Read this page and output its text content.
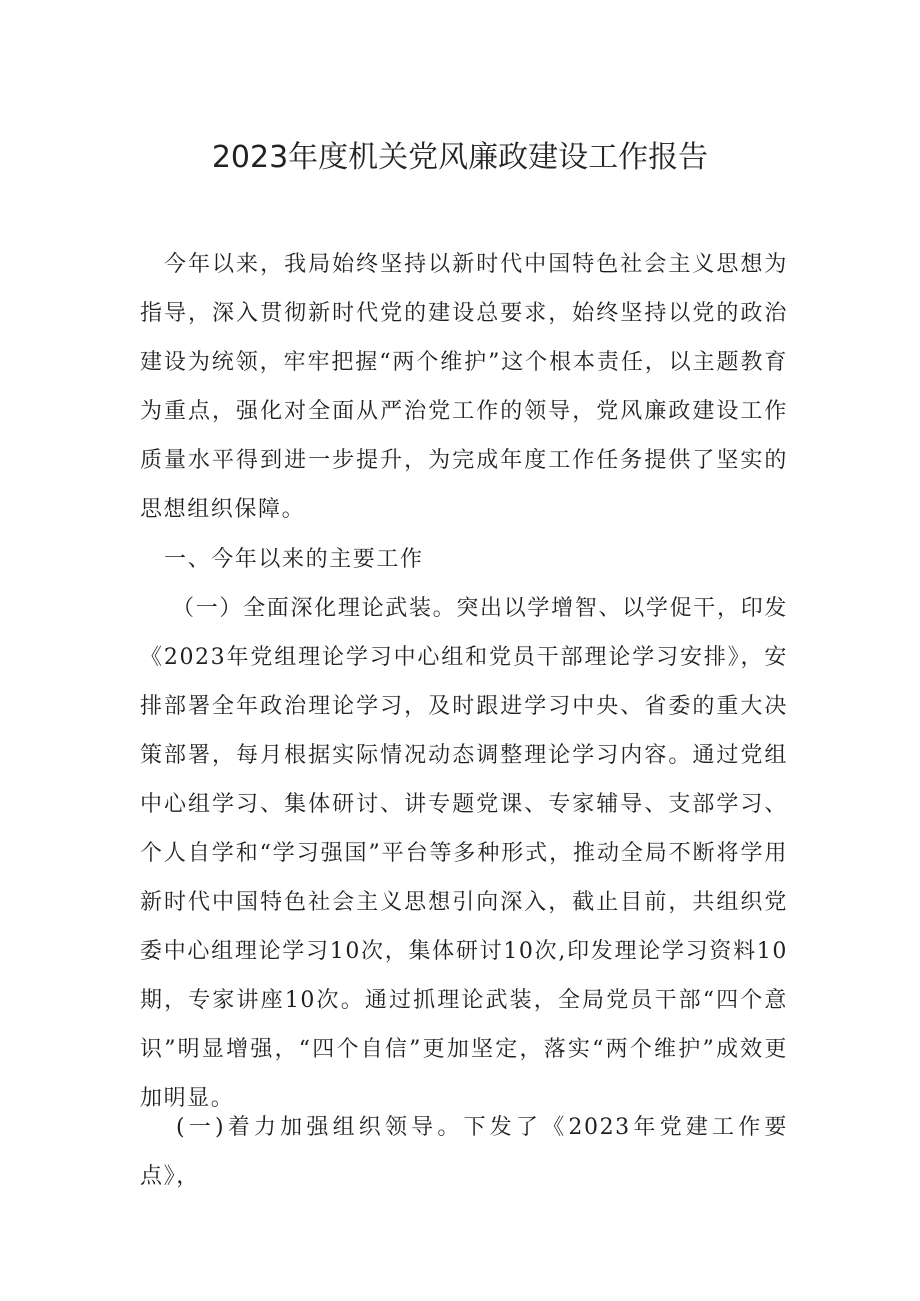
2023年度机关党风廉政建设工作报告

今年以来，我局始终坚持以新时代中国特色社会主义思想为指导，深入贯彻新时代党的建设总要求，始终坚持以党的政治建设为统领，牢牢把握“两个维护”这个根本责任，以主题教育为重点，强化对全面从严治党工作的领导，党风廉政建设工作质量水平得到进一步提升，为完成年度工作任务提供了坚实的思想组织保障。

一、今年以来的主要工作

（一）全面深化理论武装。突出以学增智、以学促干，印发《2023年党组理论学习中心组和党员干部理论学习安排》，安排部署全年政治理论学习，及时跟进学习中央、省委的重大决策部署，每月根据实际情况动态调整理论学习内容。通过党组中心组学习、集体研讨、讲专题党课、专家辅导、支部学习、个人自学和“学习强国”平台等多种形式，推动全局不断将学用新时代中国特色社会主义思想引向深入，截止目前，共组织党委中心组理论学习10次，集体研讨10次,印发理论学习资料10期，专家讲座10次。通过抓理论武装，全局党员干部“四个意识”明显增强，“四个自信”更加坚定，落实“两个维护”成效更加明显。

(一)着力加强组织领导。下发了《2023年党建工作要点》，
